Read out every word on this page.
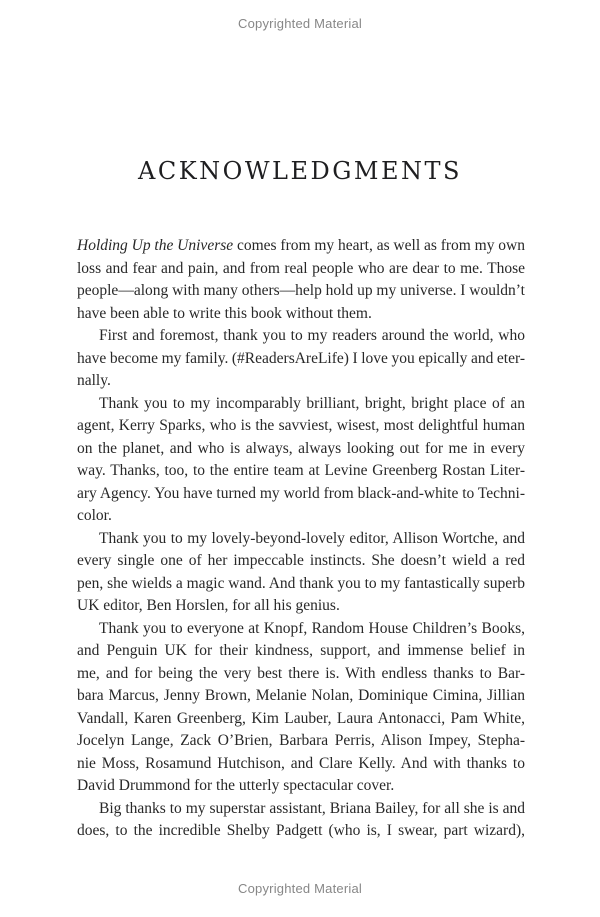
Copyrighted Material
ACKNOWLEDGMENTS
Holding Up the Universe comes from my heart, as well as from my own
loss and fear and pain, and from real people who are dear to me. Those
people—along with many others—help hold up my universe. I wouldn’t
have been able to write this book without them.
First and foremost, thank you to my readers around the world, who
have become my family. (#ReadersAreLife) I love you epically and eter-
nally.
Thank you to my incomparably brilliant, bright, bright place of an
agent, Kerry Sparks, who is the savviest, wisest, most delightful human
on the planet, and who is always, always looking out for me in every
way. Thanks, too, to the entire team at Levine Greenberg Rostan Liter-
ary Agency. You have turned my world from black-and-white to Techni-
color.
Thank you to my lovely-beyond-lovely editor, Allison Wortche, and
every single one of her impeccable instincts. She doesn’t wield a red
pen, she wields a magic wand. And thank you to my fantastically superb
UK editor, Ben Horslen, for all his genius.
Thank you to everyone at Knopf, Random House Children’s Books,
and Penguin UK for their kindness, support, and immense belief in
me, and for being the very best there is. With endless thanks to Bar-
bara Marcus, Jenny Brown, Melanie Nolan, Dominique Cimina, Jillian
Vandall, Karen Greenberg, Kim Lauber, Laura Antonacci, Pam White,
Jocelyn Lange, Zack O’Brien, Barbara Perris, Alison Impey, Stepha-
nie Moss, Rosamund Hutchison, and Clare Kelly. And with thanks to
David Drummond for the utterly spectacular cover.
Big thanks to my superstar assistant, Briana Bailey, for all she is and
does, to the incredible Shelby Padgett (who is, I swear, part wizard),
Copyrighted Material
